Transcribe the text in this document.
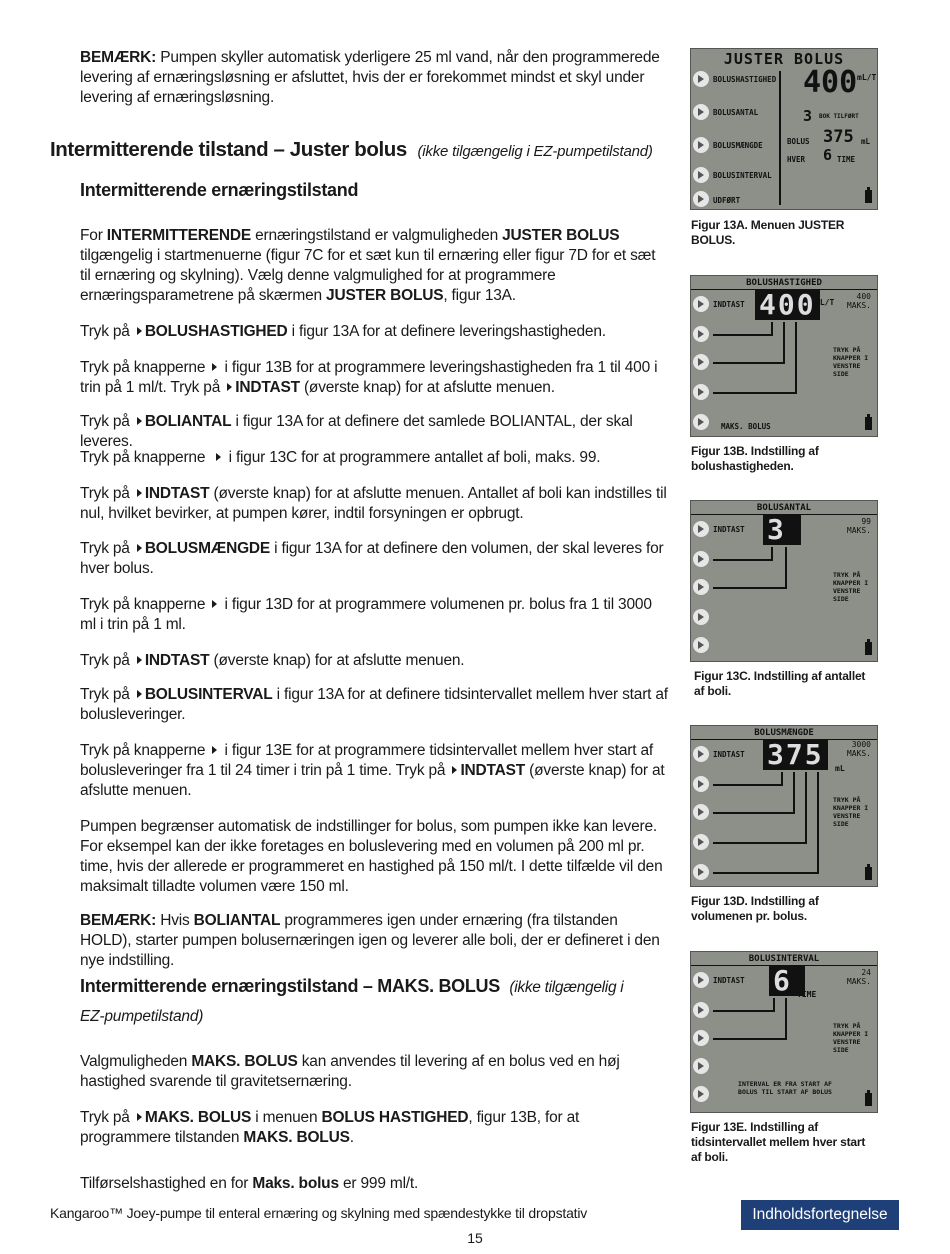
BEMÆRK: Pumpen skyller automatisk yderligere 25 ml vand, når den programmerede levering af ernæringsløsning er afsluttet, hvis der er forekommet mindst et skyl under levering af ernæringsløsning.
Intermitterende tilstand – Juster bolus (ikke tilgængelig i EZ-pumpetilstand)
Intermitterende ernæringstilstand
For INTERMITTERENDE ernæringstilstand er valgmuligheden JUSTER BOLUS tilgængelig i startmenuerne (figur 7C for et sæt kun til ernæring eller figur 7D for et sæt til ernæring og skylning). Vælg denne valgmulighed for at programmere ernæringsparametrene på skærmen JUSTER BOLUS, figur 13A.
Tryk på BOLUSHASTIGHED i figur 13A for at definere leveringshastigheden.
Tryk på knapperne  i figur 13B for at programmere leveringshastigheden fra 1 til 400 i trin på 1 ml/t. Tryk på INDTAST (øverste knap) for at afslutte menuen.
Tryk på BOLIANTAL i figur 13A for at definere det samlede BOLIANTAL, der skal leveres.
Tryk på knapperne   i figur 13C for at programmere antallet af boli, maks. 99.
Tryk på INDTAST (øverste knap) for at afslutte menuen. Antallet af boli kan indstilles til nul, hvilket bevirker, at pumpen kører, indtil forsyningen er opbrugt.
Tryk på BOLUSMÆNGDE i figur 13A for at definere den volumen, der skal leveres for hver bolus.
Tryk på knapperne  i figur 13D for at programmere volumenen pr. bolus fra 1 til 3000 ml i trin på 1 ml.
Tryk på INDTAST (øverste knap) for at afslutte menuen.
Tryk på BOLUSINTERVAL i figur 13A for at definere tidsintervallet mellem hver start af bolusleveringer.
Tryk på knapperne  i figur 13E for at programmere tidsintervallet mellem hver start af bolusleveringer fra 1 til 24 timer i trin på 1 time. Tryk på INDTAST (øverste knap) for at afslutte menuen.
Pumpen begrænser automatisk de indstillinger for bolus, som pumpen ikke kan levere. For eksempel kan der ikke foretages en boluslevering med en volumen på 200 ml pr. time, hvis der allerede er programmeret en hastighed på 150 ml/t. I dette tilfælde vil den maksimalt tilladte volumen være 150 ml.
BEMÆRK: Hvis BOLIANTAL programmeres igen under ernæring (fra tilstanden HOLD), starter pumpen bolusernæringen igen og leverer alle boli, der er defineret i den nye indstilling.
Intermitterende ernæringstilstand – MAKS. BOLUS (ikke tilgængelig i
EZ-pumpetilstand)
Valgmuligheden MAKS. BOLUS kan anvendes til levering af en bolus ved en høj hastighed svarende til gravitetsernæring.
Tryk på MAKS. BOLUS i menuen BOLUS HASTIGHED, figur 13B, for at programmere tilstanden MAKS. BOLUS.
Tilførselshastighed en for Maks. bolus er 999 ml/t.
JUSTER BOLUS
BOLUSHASTIGHED
BOLUSANTAL
BOLUSMÆNGDE
BOLUSINTERVAL
UDFØRT
400 mL/T
3 BOK TILFØRT
BOLUS 375 mL
HVER 6 TIME
Figur 13A. Menuen JUSTER BOLUS.
BOLUSHASTIGHED
INDTAST 400 mL/T
400 MAKS.
TRYK PÅ KNAPPER I VENSTRE SIDE
MAKS. BOLUS
Figur 13B. Indstilling af bolushastigheden.
BOLUSANTAL
INDTAST 3	99 MAKS.
TRYK PÅ KNAPPER I VENSTRE SIDE
Figur 13C. Indstilling af antallet af boli.
BOLUSMÆNGDE
INDTAST 375	mL
3000 MAKS.
TRYK PÅ KNAPPER I VENSTRE SIDE
Figur 13D. Indstilling af volumenen pr. bolus.
BOLUSINTERVAL
INDTAST 6 TIME
24 MAKS.
TRYK PÅ KNAPPER I VENSTRE SIDE
INTERVAL ER FRA START AF BOLUS TIL START AF BOLUS
Figur 13E. Indstilling af tidsintervallet mellem hver start af boli.
Kangaroo™ Joey-pumpe til enteral ernæring og skylning med spændestykke til dropstativ
15
Indholdsfortegnelse
